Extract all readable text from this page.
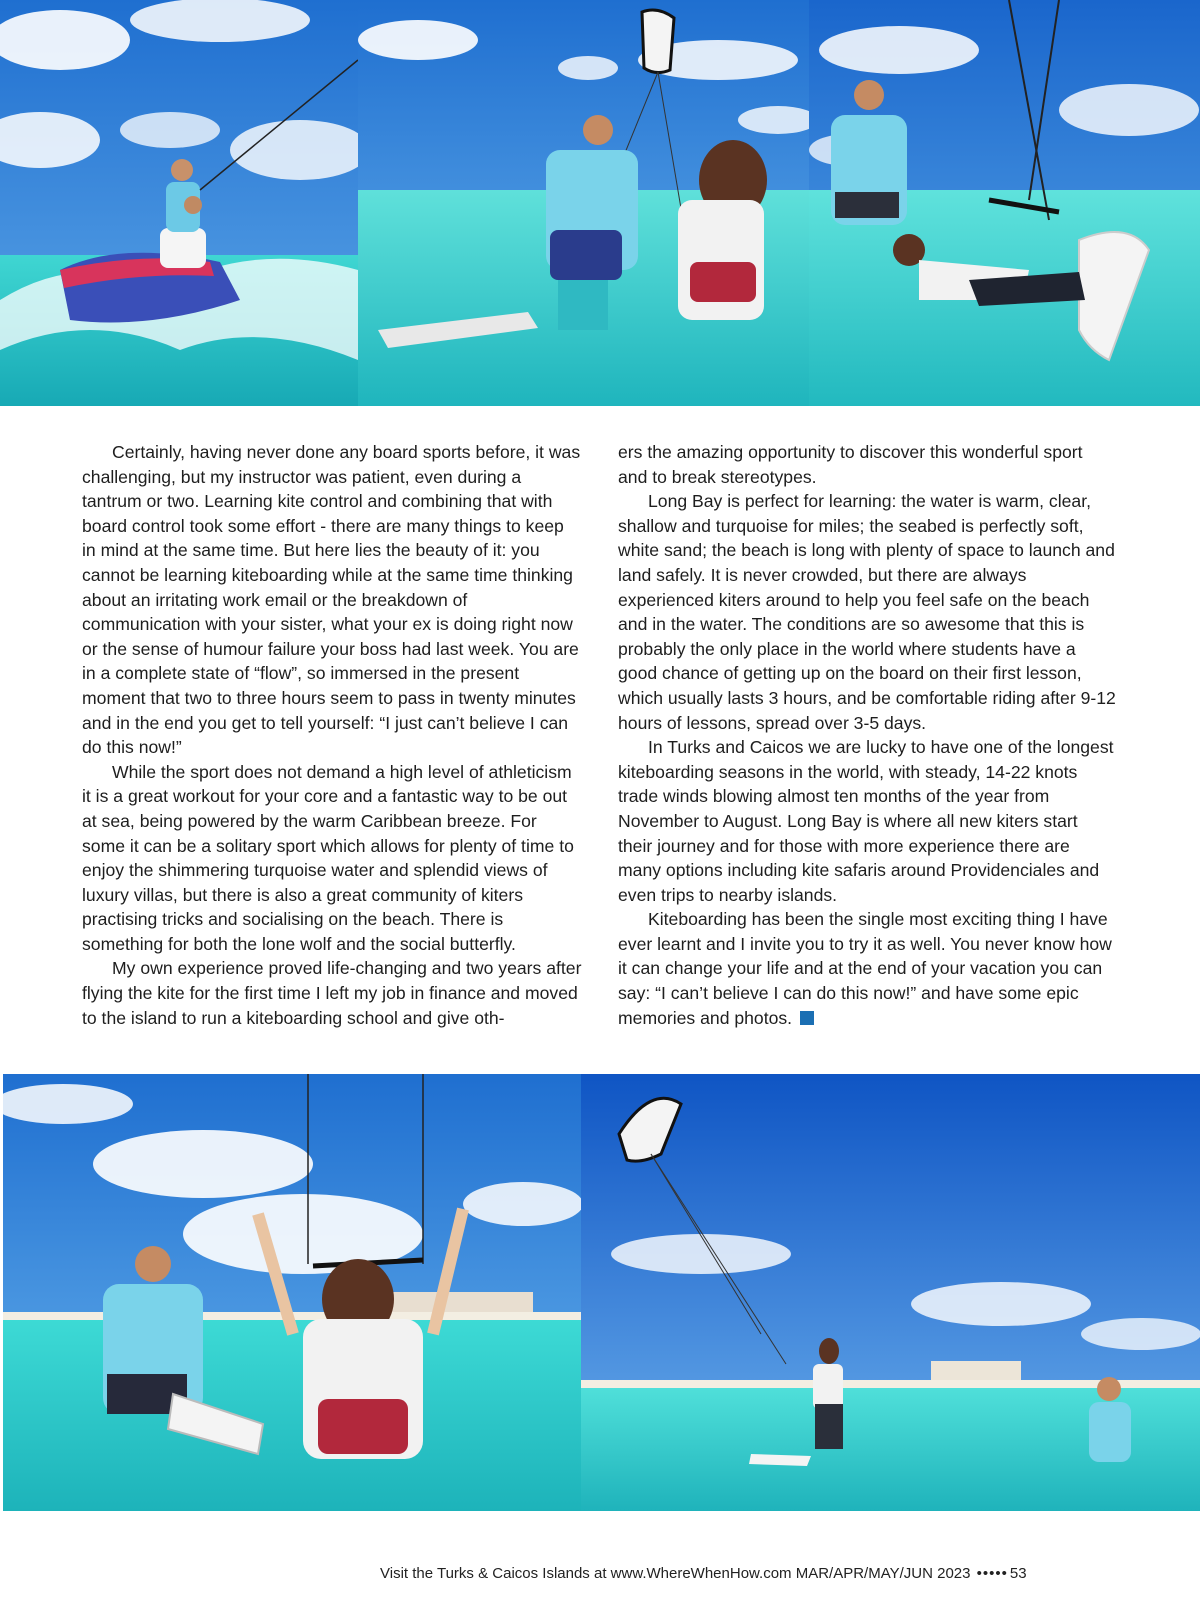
Certainly, having never done any board sports before, it was challenging, but my instructor was patient, even during a tantrum or two. Learning kite control and combining that with board control took some effort - there are many things to keep in mind at the same time. But here lies the beauty of it: you cannot be learning kiteboarding while at the same time thinking about an irritating work email or the breakdown of communication with your sister, what your ex is doing right now or the sense of humour failure your boss had last week. You are in a complete state of “flow”, so immersed in the present moment that two to three hours seem to pass in twenty minutes and in the end you get to tell yourself: “I just can’t believe I can do this now!”

While the sport does not demand a high level of athleticism it is a great workout for your core and a fantastic way to be out at sea, being powered by the warm Caribbean breeze. For some it can be a solitary sport which allows for plenty of time to enjoy the shimmering turquoise water and splendid views of luxury villas, but there is also a great community of kiters practising tricks and socialising on the beach. There is something for both the lone wolf and the social butterfly.

My own experience proved life-changing and two years after flying the kite for the first time I left my job in finance and moved to the island to run a kiteboarding school and give oth-

ers the amazing opportunity to discover this wonderful sport and to break stereotypes.

Long Bay is perfect for learning: the water is warm, clear, shallow and turquoise for miles; the seabed is perfectly soft, white sand; the beach is long with plenty of space to launch and land safely. It is never crowded, but there are always experienced kiters around to help you feel safe on the beach and in the water. The conditions are so awesome that this is probably the only place in the world where students have a good chance of getting up on the board on their first lesson, which usually lasts 3 hours, and be comfortable riding after 9-12 hours of lessons, spread over 3-5 days.

In Turks and Caicos we are lucky to have one of the longest kiteboarding seasons in the world, with steady, 14-22 knots trade winds blowing almost ten months of the year from November to August. Long Bay is where all new kiters start their journey and for those with more experience there are many options including kite safaris around Providenciales and even trips to nearby islands.

Kiteboarding has been the single most exciting thing I have ever learnt and I invite you to try it as well. You never know how it can change your life and at the end of your vacation you can say: “I can’t believe I can do this now!” and have some epic memories and photos.

Visit the Turks & Caicos Islands at www.WhereWhenHow.com MAR/APR/MAY/JUN 2023 ••••• 53
